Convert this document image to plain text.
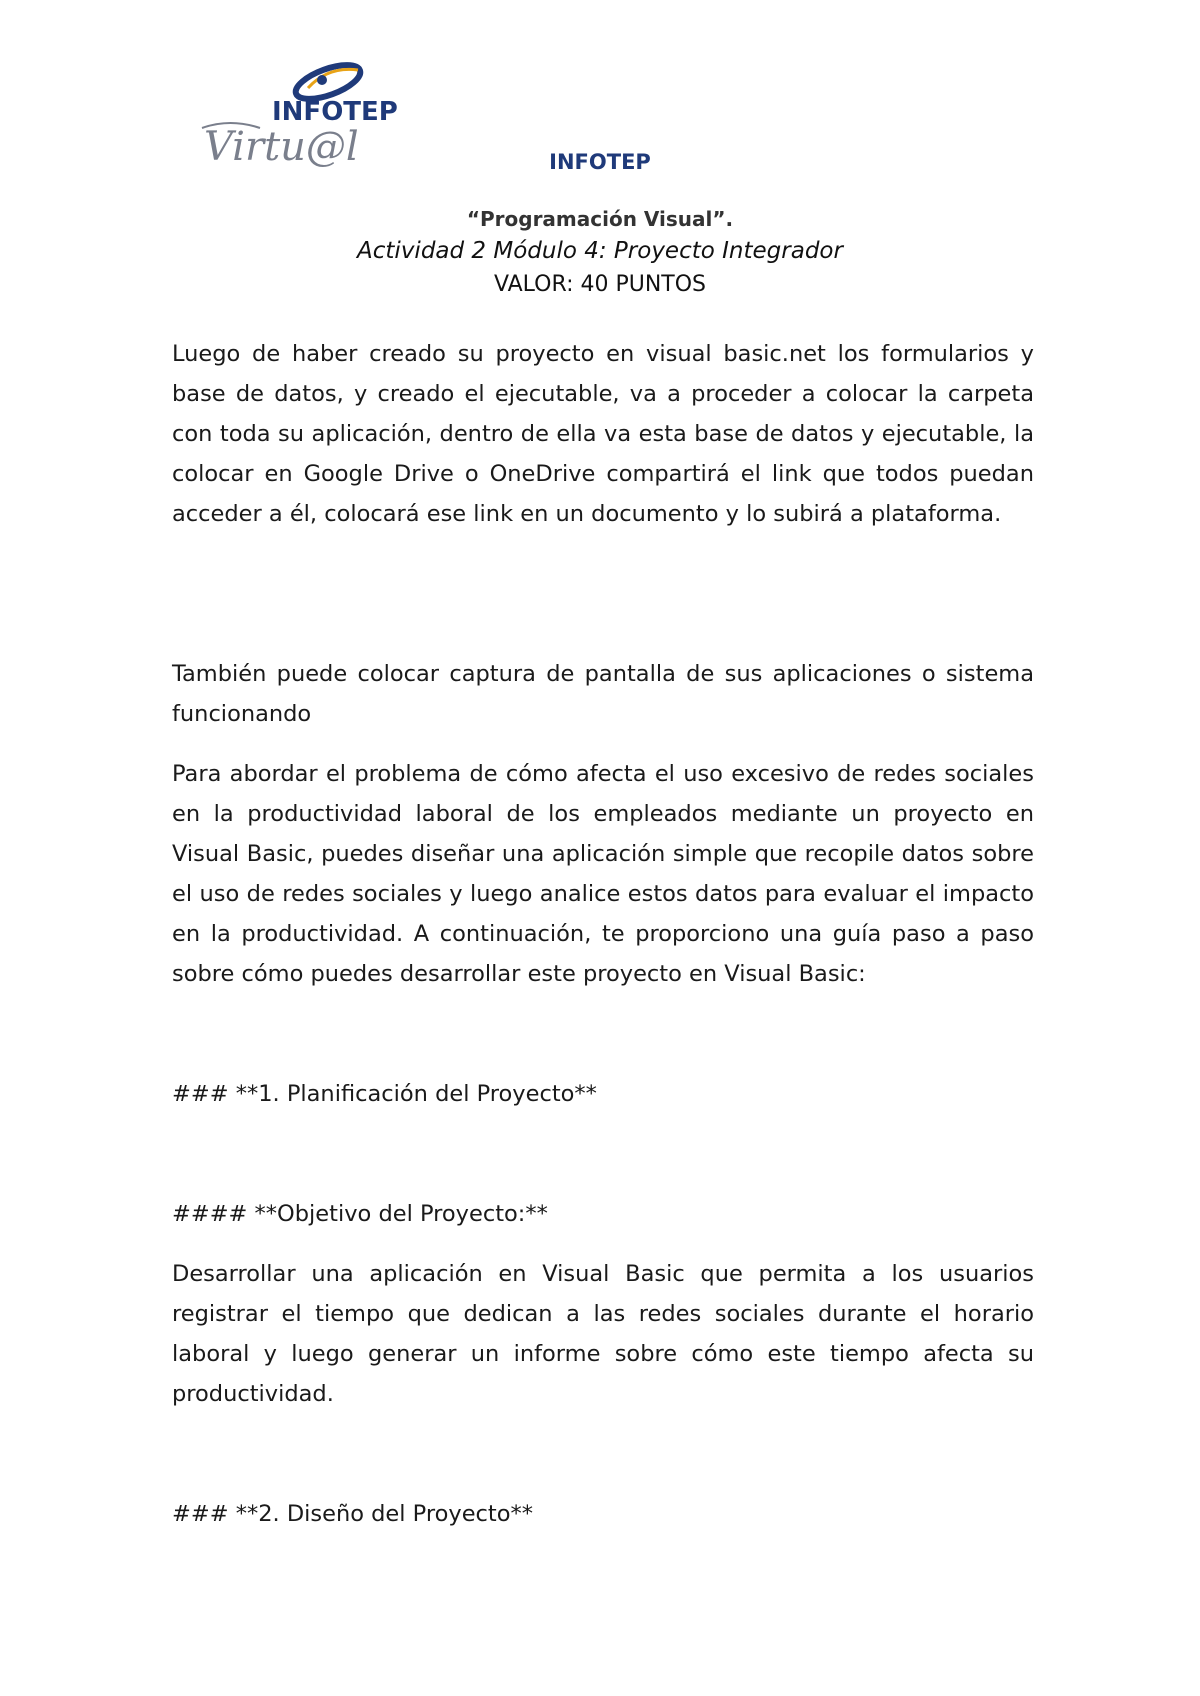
INFOTEP
Virtu@l	INFOTEP
“Programación Visual”.
Actividad 2 Módulo 4: Proyecto Integrador
VALOR: 40 PUNTOS

Luego de haber creado su proyecto en visual basic.net los formularios y base de datos, y creado el ejecutable, va a proceder a colocar la carpeta con toda su aplicación, dentro de ella va esta base de datos y ejecutable, la colocar en Google Drive o OneDrive compartirá el link que todos puedan acceder a él, colocará ese link en un documento y lo subirá a plataforma.

También puede colocar captura de pantalla de sus aplicaciones o sistema funcionando

Para abordar el problema de cómo afecta el uso excesivo de redes sociales en la productividad laboral de los empleados mediante un proyecto en Visual Basic, puedes diseñar una aplicación simple que recopile datos sobre el uso de redes sociales y luego analice estos datos para evaluar el impacto en la productividad. A continuación, te proporciono una guía paso a paso sobre cómo puedes desarrollar este proyecto en Visual Basic:

### **1. Planificación del Proyecto**

#### **Objetivo del Proyecto:**

Desarrollar una aplicación en Visual Basic que permita a los usuarios registrar el tiempo que dedican a las redes sociales durante el horario laboral y luego generar un informe sobre cómo este tiempo afecta su productividad.

### **2. Diseño del Proyecto**
